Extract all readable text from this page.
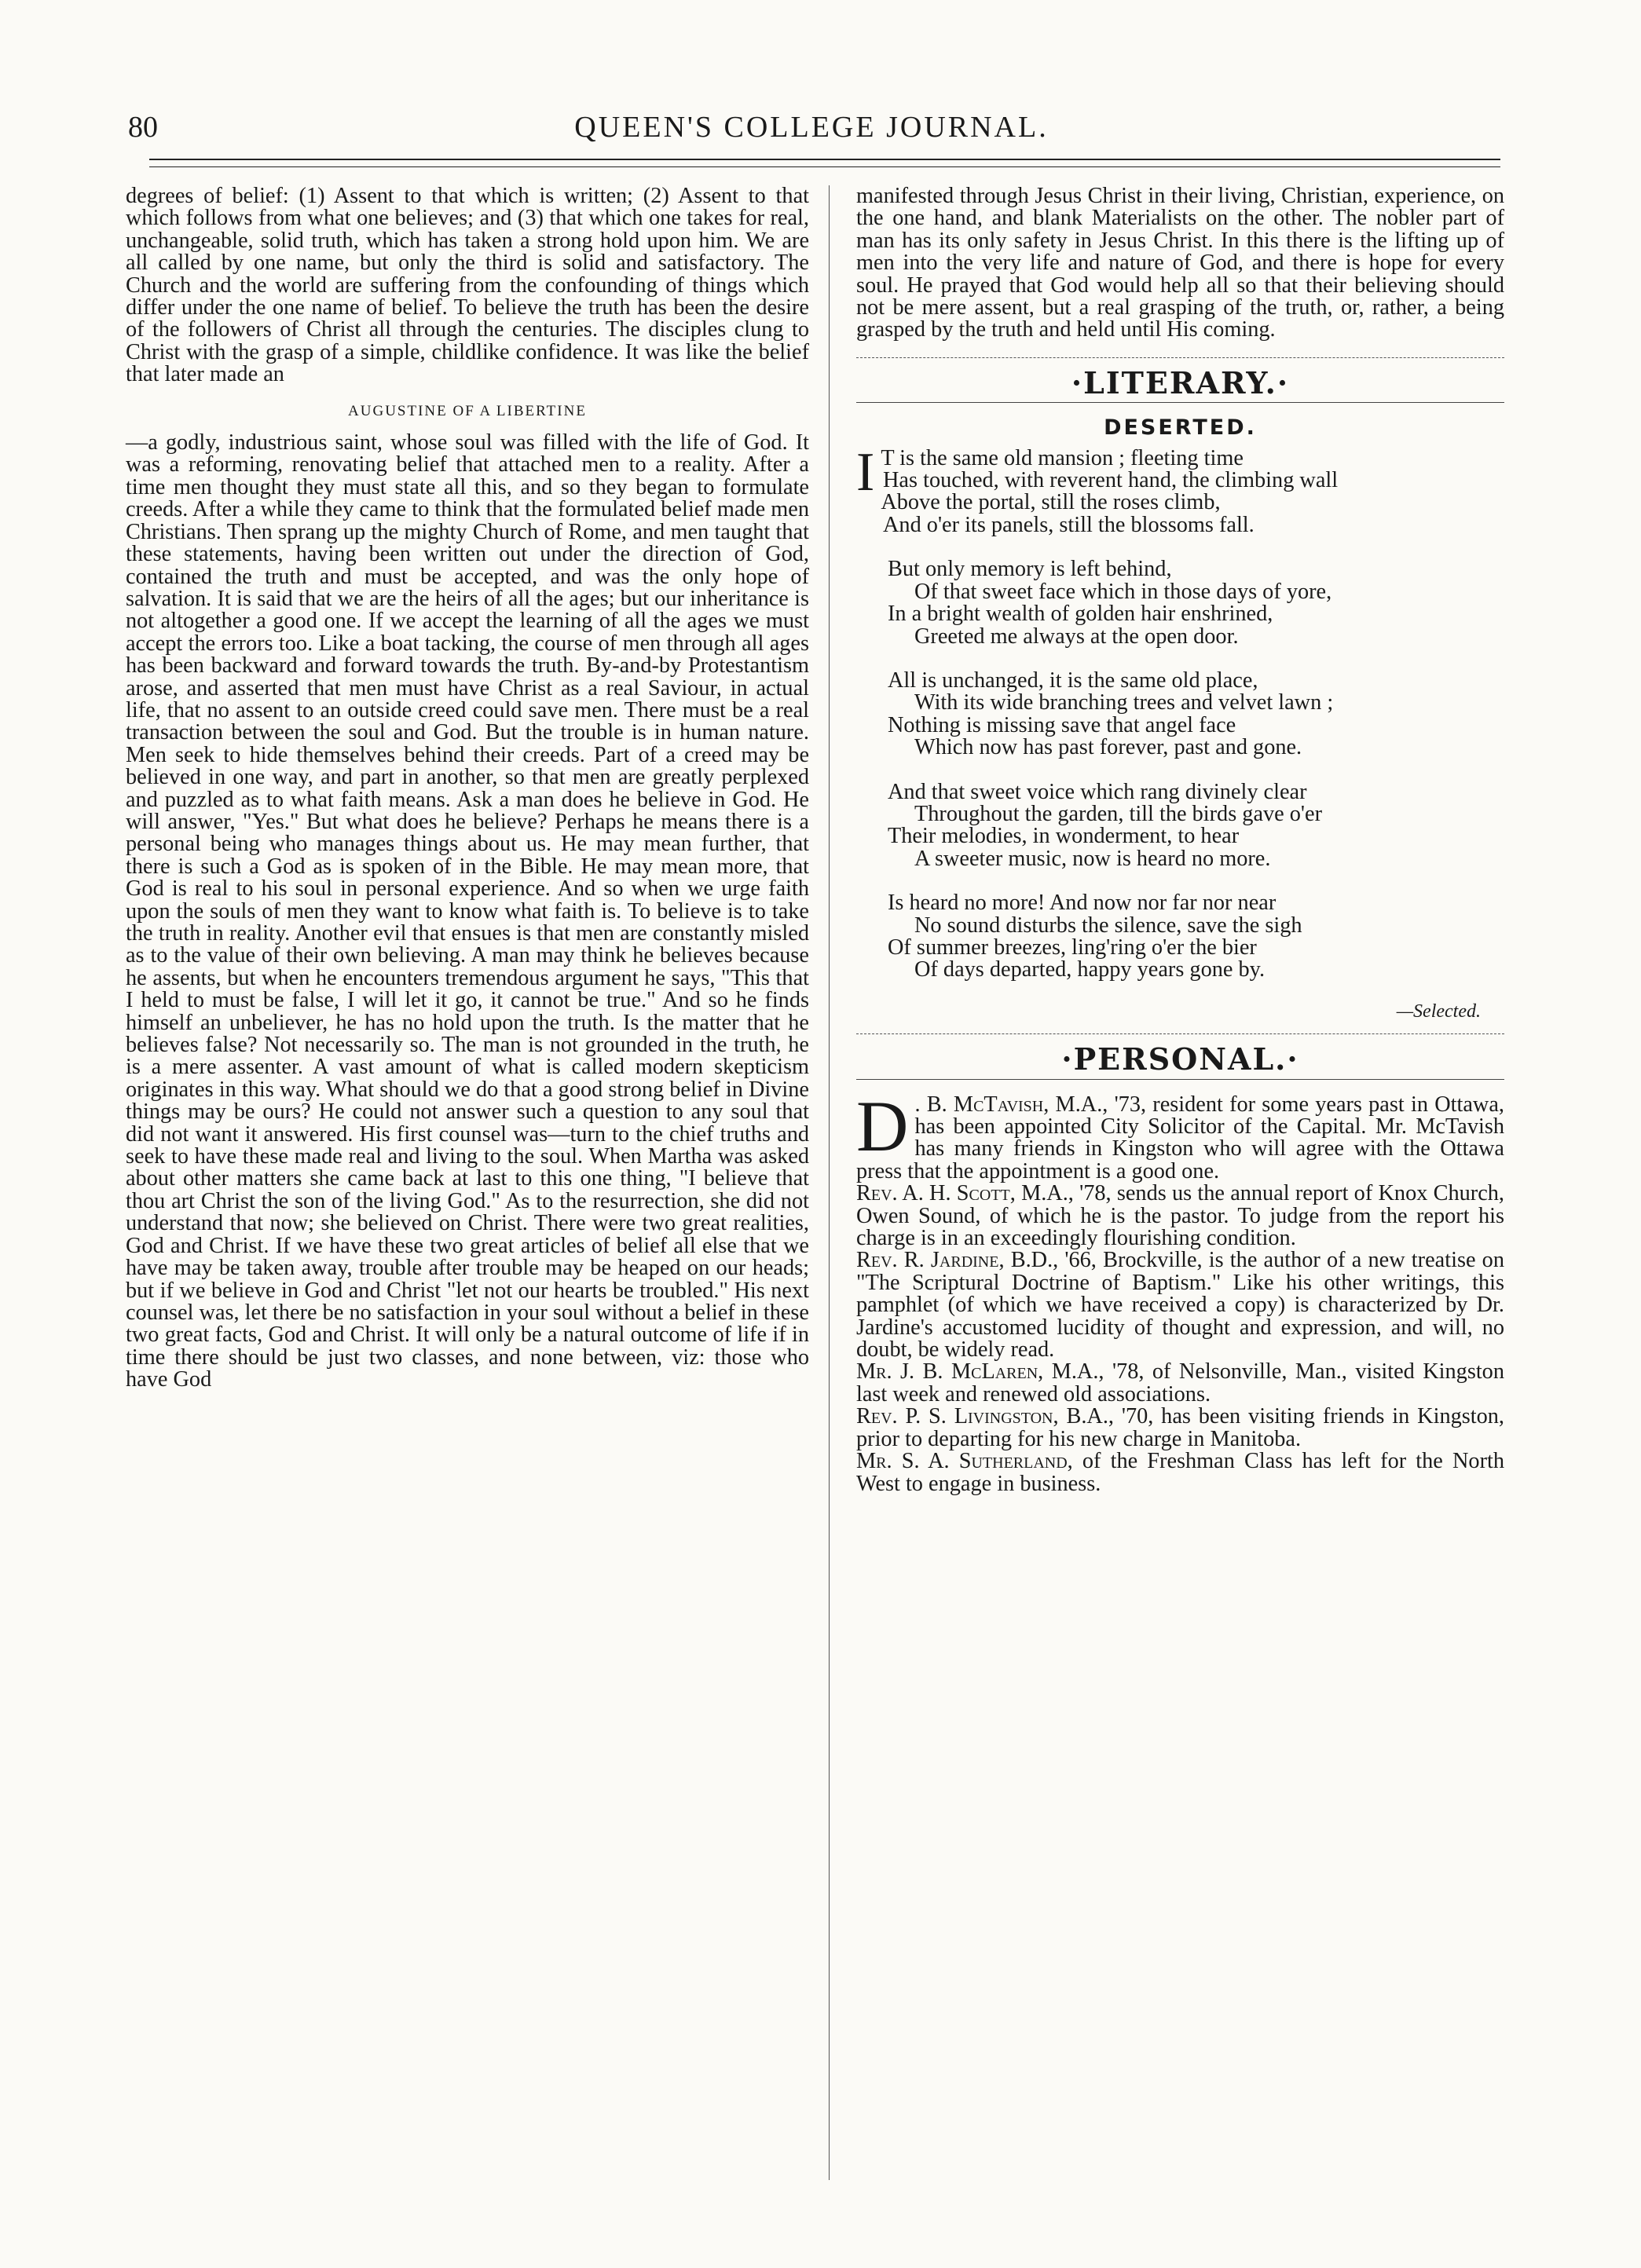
80	QUEEN'S COLLEGE JOURNAL.

degrees of belief: (1) Assent to that which is written; (2) Assent to that which follows from what one believes; and (3) that which one takes for real, unchangeable, solid truth, which has taken a strong hold upon him. We are all called by one name, but only the third is solid and satisfactory. The Church and the world are suffering from the confounding of things which differ under the one name of belief. To believe the truth has been the desire of the followers of Christ all through the centuries. The disciples clung to Christ with the grasp of a simple, childlike confidence. It was like the belief that later made an

AUGUSTINE OF A LIBERTINE

—a godly, industrious saint, whose soul was filled with the life of God. It was a reforming, renovating belief that attached men to a reality. After a time men thought they must state all this, and so they began to formulate creeds. After a while they came to think that the formulated belief made men Christians. Then sprang up the mighty Church of Rome, and men taught that these statements, having been written out under the direction of God, contained the truth and must be accepted, and was the only hope of salvation. It is said that we are the heirs of all the ages; but our inheritance is not altogether a good one. If we accept the learning of all the ages we must accept the errors too. Like a boat tacking, the course of men through all ages has been backward and forward towards the truth. By-and-by Protestantism arose, and asserted that men must have Christ as a real Saviour, in actual life, that no assent to an outside creed could save men. There must be a real transaction between the soul and God. But the trouble is in human nature. Men seek to hide themselves behind their creeds. Part of a creed may be believed in one way, and part in another, so that men are greatly perplexed and puzzled as to what faith means. Ask a man does he believe in God. He will answer, "Yes." But what does he believe? Perhaps he means there is a personal being who manages things about us. He may mean further, that there is such a God as is spoken of in the Bible. He may mean more, that God is real to his soul in personal experience. And so when we urge faith upon the souls of men they want to know what faith is. To believe is to take the truth in reality. Another evil that ensues is that men are constantly misled as to the value of their own believing. A man may think he believes because he assents, but when he encounters tremendous argument he says, "This that I held to must be false, I will let it go, it cannot be true." And so he finds himself an unbeliever, he has no hold upon the truth. Is the matter that he believes false? Not necessarily so. The man is not grounded in the truth, he is a mere assenter. A vast amount of what is called modern skepticism originates in this way. What should we do that a good strong belief in Divine things may be ours? He could not answer such a question to any soul that did not want it answered. His first counsel was—turn to the chief truths and seek to have these made real and living to the soul. When Martha was asked about other matters she came back at last to this one thing, "I believe that thou art Christ the son of the living God." As to the resurrection, she did not understand that now; she believed on Christ. There were two great realities, God and Christ. If we have these two great articles of belief all else that we have may be taken away, trouble after trouble may be heaped on our heads; but if we believe in God and Christ "let not our hearts be troubled." His next counsel was, let there be no satisfaction in your soul without a belief in these two great facts, God and Christ. It will only be a natural outcome of life if in time there should be just two classes, and none between, viz: those who have God

manifested through Jesus Christ in their living, Christian, experience, on the one hand, and blank Materialists on the other. The nobler part of man has its only safety in Jesus Christ. In this there is the lifting up of men into the very life and nature of God, and there is hope for every soul. He prayed that God would help all so that their believing should not be mere assent, but a real grasping of the truth, or, rather, a being grasped by the truth and held until His coming.

·LITERARY.·
DESERTED.
I T is the same old mansion ; fleeting time
Has touched, with reverent hand, the climbing wall
Above the portal, still the roses climb,
And o'er its panels, still the blossoms fall.
But only memory is left behind,
Of that sweet face which in those days of yore,
In a bright wealth of golden hair enshrined,
Greeted me always at the open door.
All is unchanged, it is the same old place,
With its wide branching trees and velvet lawn ;
Nothing is missing save that angel face
Which now has past forever, past and gone.
And that sweet voice which rang divinely clear
Throughout the garden, till the birds gave o'er
Their melodies, in wonderment, to hear
A sweeter music, now is heard no more.
Is heard no more! And now nor far nor near
No sound disturbs the silence, save the sigh
Of summer breezes, ling'ring o'er the bier
Of days departed, happy years gone by.
—Selected.
·PERSONAL.·

D . B. McTavish, M.A., '73, resident for some years past in Ottawa, has been appointed City Solicitor of the Capital. Mr. McTavish has many friends in Kingston who will agree with the Ottawa press that the appointment is a good one.

Rev. A. H. Scott, M.A., '78, sends us the annual report of Knox Church, Owen Sound, of which he is the pastor. To judge from the report his charge is in an exceedingly flourishing condition.

Rev. R. Jardine, B.D., '66, Brockville, is the author of a new treatise on "The Scriptural Doctrine of Baptism." Like his other writings, this pamphlet (of which we have received a copy) is characterized by Dr. Jardine's accustomed lucidity of thought and expression, and will, no doubt, be widely read.

Mr. J. B. McLaren, M.A., '78, of Nelsonville, Man., visited Kingston last week and renewed old associations.

Rev. P. S. Livingston, B.A., '70, has been visiting friends in Kingston, prior to departing for his new charge in Manitoba.

Mr. S. A. Sutherland, of the Freshman Class has left for the North West to engage in business.
